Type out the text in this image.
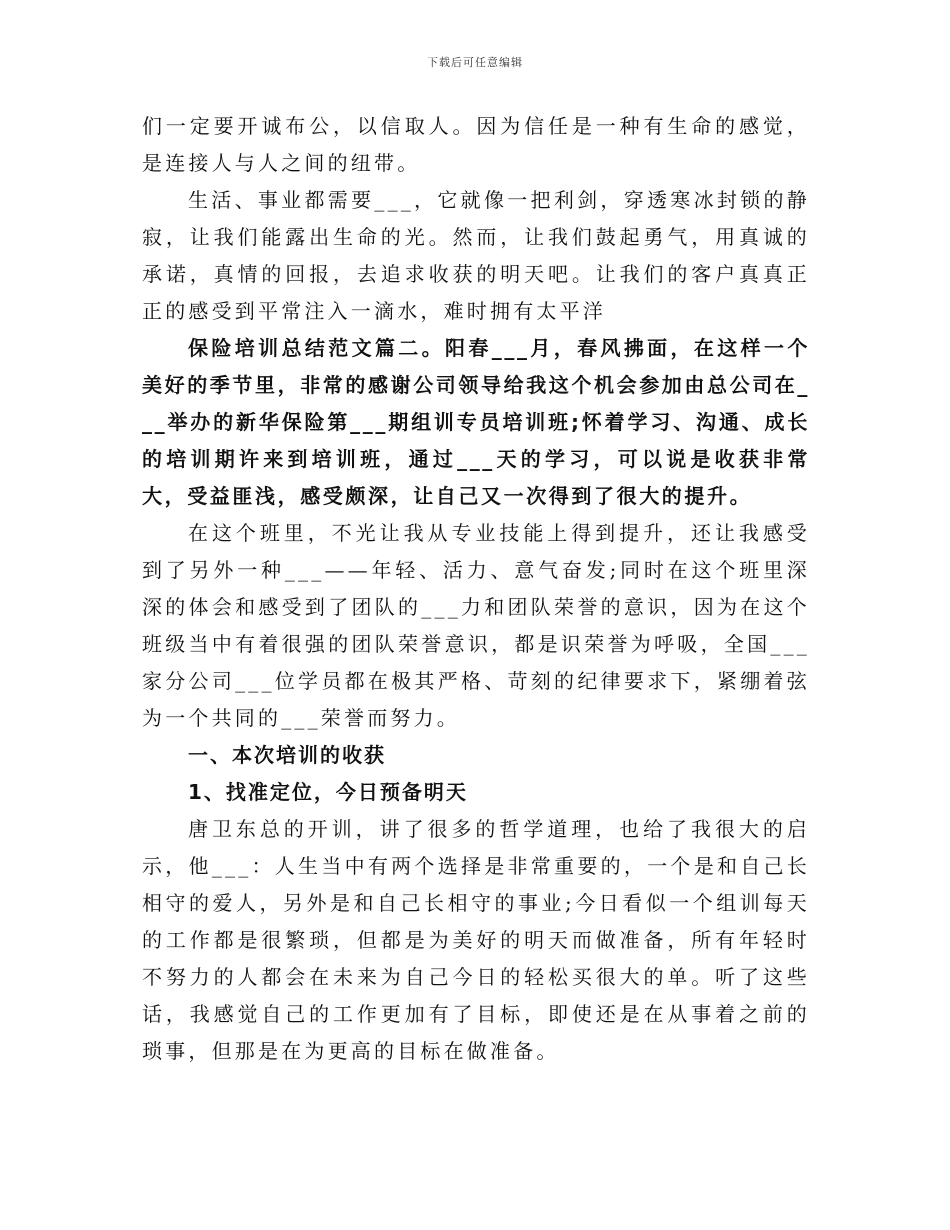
下载后可任意编辑

们一定要开诚布公，以信取人。因为信任是一种有生命的感觉，是连接人与人之间的纽带。

生活、事业都需要___，它就像一把利剑，穿透寒冰封锁的静寂，让我们能露出生命的光。然而，让我们鼓起勇气，用真诚的承诺，真情的回报，去追求收获的明天吧。让我们的客户真真正正的感受到平常注入一滴水，难时拥有太平洋

保险培训总结范文篇二。阳春___月，春风拂面，在这样一个美好的季节里，非常的感谢公司领导给我这个机会参加由总公司在___举办的新华保险第___期组训专员培训班;怀着学习、沟通、成长的培训期许来到培训班，通过___天的学习，可以说是收获非常大，受益匪浅，感受颇深，让自己又一次得到了很大的提升。

在这个班里，不光让我从专业技能上得到提升，还让我感受到了另外一种___——年轻、活力、意气奋发;同时在这个班里深深的体会和感受到了团队的___力和团队荣誉的意识，因为在这个班级当中有着很强的团队荣誉意识，都是识荣誉为呼吸，全国___家分公司___位学员都在极其严格、苛刻的纪律要求下，紧绷着弦为一个共同的___荣誉而努力。

一、本次培训的收获

1、找准定位，今日预备明天

唐卫东总的开训，讲了很多的哲学道理，也给了我很大的启示，他___：人生当中有两个选择是非常重要的，一个是和自己长相守的爱人，另外是和自己长相守的事业;今日看似一个组训每天的工作都是很繁琐，但都是为美好的明天而做准备，所有年轻时不努力的人都会在未来为自己今日的轻松买很大的单。听了这些话，我感觉自己的工作更加有了目标，即使还是在从事着之前的琐事，但那是在为更高的目标在做准备。
